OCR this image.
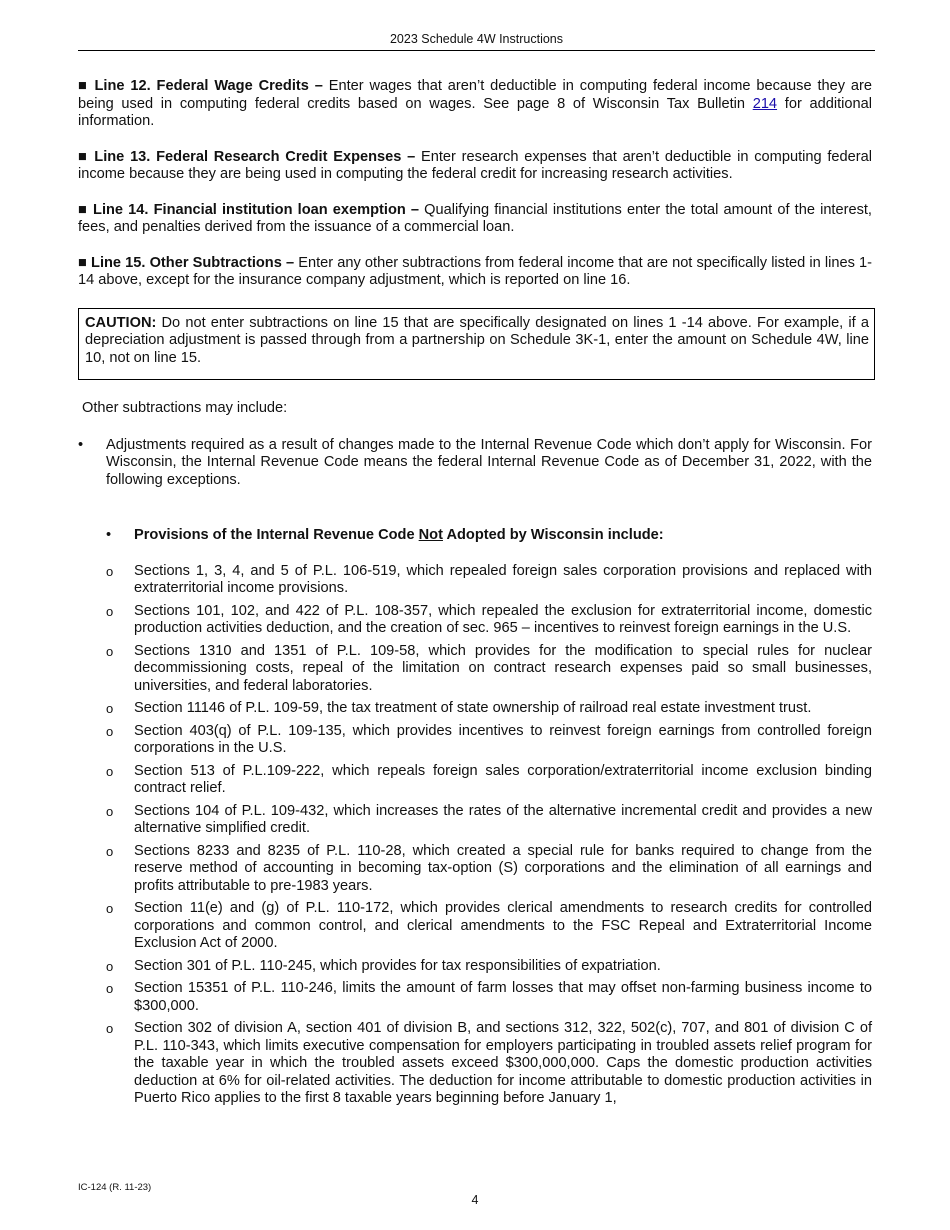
2023 Schedule 4W Instructions

■ Line 12. Federal Wage Credits – Enter wages that aren’t deductible in computing federal income because they are being used in computing federal credits based on wages. See page 8 of Wisconsin Tax Bulletin 214 for additional information.

■ Line 13. Federal Research Credit Expenses – Enter research expenses that aren’t deductible in computing federal income because they are being used in computing the federal credit for increasing research activities.

■ Line 14. Financial institution loan exemption – Qualifying financial institutions enter the total amount of the interest, fees, and penalties derived from the issuance of a commercial loan.

■ Line 15. Other Subtractions – Enter any other subtractions from federal income that are not specifically listed in lines 1-14 above, except for the insurance company adjustment, which is reported on line 16.

CAUTION: Do not enter subtractions on line 15 that are specifically designated on lines 1 -14 above. For example, if a depreciation adjustment is passed through from a partnership on Schedule 3K-1, enter the amount on Schedule 4W, line 10, not on line 15.
Other subtractions may include:
• Adjustments required as a result of changes made to the Internal Revenue Code which don’t apply for Wisconsin. For Wisconsin, the Internal Revenue Code means the federal Internal Revenue Code as of December 31, 2022, with the following exceptions.
• Provisions of the Internal Revenue Code Not Adopted by Wisconsin include:
o Sections 1, 3, 4, and 5 of P.L. 106-519, which repealed foreign sales corporation provisions and replaced with extraterritorial income provisions.
o Sections 101, 102, and 422 of P.L. 108-357, which repealed the exclusion for extraterritorial income, domestic production activities deduction, and the creation of sec. 965 – incentives to reinvest foreign earnings in the U.S.
o Sections 1310 and 1351 of P.L. 109-58, which provides for the modification to special rules for nuclear decommissioning costs, repeal of the limitation on contract research expenses paid so small businesses, universities, and federal laboratories.
o Section 11146 of P.L. 109-59, the tax treatment of state ownership of railroad real estate investment trust.
o Section 403(q) of P.L. 109-135, which provides incentives to reinvest foreign earnings from controlled foreign corporations in the U.S.
o Section 513 of P.L.109-222, which repeals foreign sales corporation/extraterritorial income exclusion binding contract relief.
o Sections 104 of P.L. 109-432, which increases the rates of the alternative incremental credit and provides a new alternative simplified credit.
o Sections 8233 and 8235 of P.L. 110-28, which created a special rule for banks required to change from the reserve method of accounting in becoming tax-option (S) corporations and the elimination of all earnings and profits attributable to pre-1983 years.
o Section 11(e) and (g) of P.L. 110-172, which provides clerical amendments to research credits for controlled corporations and common control, and clerical amendments to the FSC Repeal and Extraterritorial Income Exclusion Act of 2000.
o Section 301 of P.L. 110-245, which provides for tax responsibilities of expatriation.
o Section 15351 of P.L. 110-246, limits the amount of farm losses that may offset non-farming business income to $300,000.
o Section 302 of division A, section 401 of division B, and sections 312, 322, 502(c), 707, and 801 of division C of P.L. 110-343, which limits executive compensation for employers participating in troubled assets relief program for the taxable year in which the troubled assets exceed $300,000,000. Caps the domestic production activities deduction at 6% for oil-related activities. The deduction for income attributable to domestic production activities in Puerto Rico applies to the first 8 taxable years beginning before January 1,
IC-124 (R. 11-23)
4
